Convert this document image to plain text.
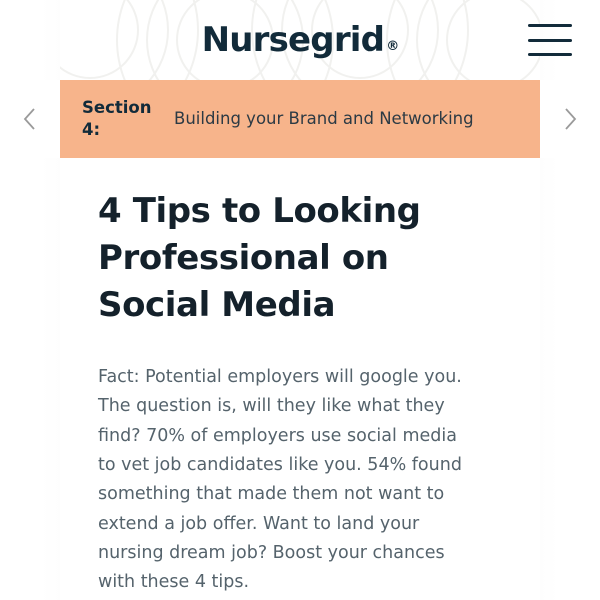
Nursegrid ®
Section 4:
Building your Brand and Networking
4 Tips to Looking Professional on Social Media

Fact: Potential employers will google you. The question is, will they like what they find? 70% of employers use social media to vet job candidates like you. 54% found something that made them not want to extend a job offer. Want to land your nursing dream job? Boost your chances with these 4 tips.
